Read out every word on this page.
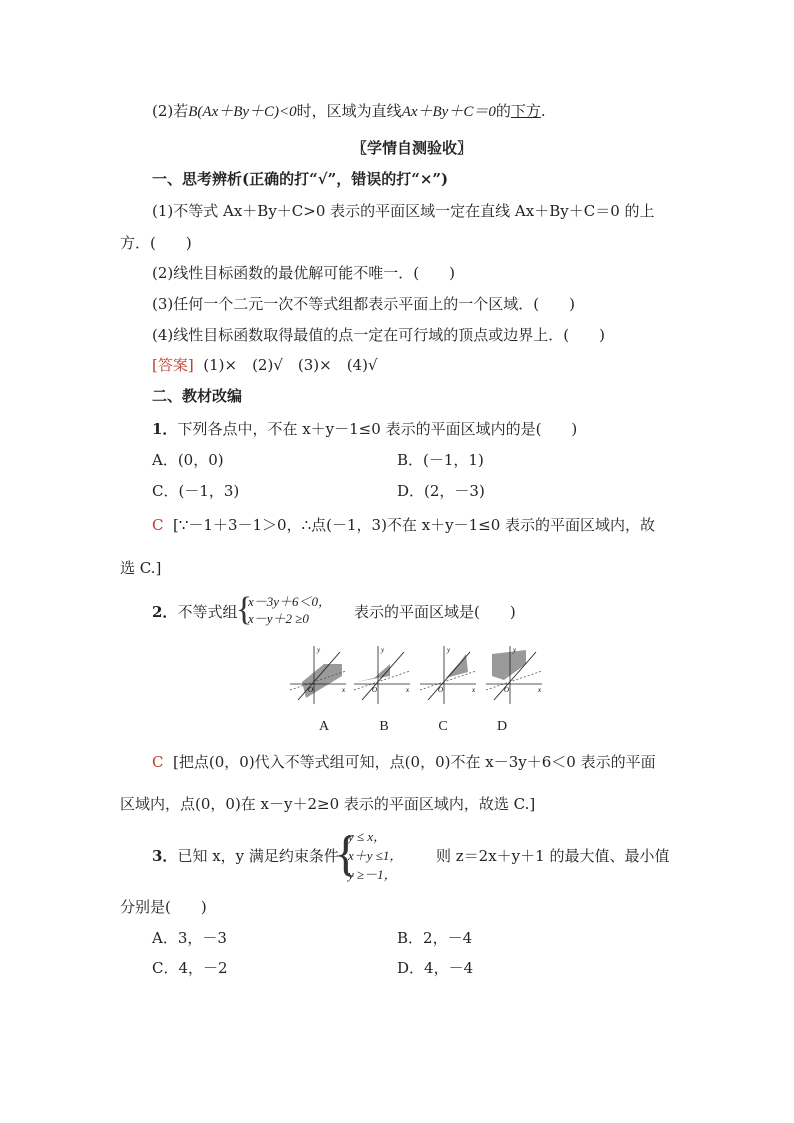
(2)若B(Ax＋By＋C)<0时，区域为直线Ax＋By＋C＝0的下方.
〖学情自测验收〗
一、思考辨析(正确的打“√”，错误的打“×”)
(1)不等式 Ax＋By＋C>0 表示的平面区域一定在直线 Ax＋By＋C＝0 的上
方．(　　)
(2)线性目标函数的最优解可能不唯一．(　　)
(3)任何一个二元一次不等式组都表示平面上的一个区域．(　　)
(4)线性目标函数取得最值的点一定在可行域的顶点或边界上．(　　)
[答案] (1)×　(2)√　(3)×　(4)√
二、教材改编
1．下列各点中，不在 x＋y－1≤0 表示的平面区域内的是(　　)
A．(0，0)	B．(－1，1)
C．(－1，3)	D．(2，－3)
C [∵－1＋3－1＞0，∴点(－1，3)不在 x＋y－1≤0 表示的平面区域内，故
选 C.]
2．不等式组
{
x－3y＋6＜0，
x－y＋2 ≥0	表示的平面区域是(　　)
y
x
O
y
x
O
y
x
O
y
x
O
A	B	C	D
C [把点(0，0)代入不等式组可知，点(0，0)不在 x－3y＋6＜0 表示的平面
区域内，点(0，0)在 x－y＋2≥0 表示的平面区域内，故选 C.]
3．已知 x，y 满足约束条件
{
y ≤ x，
x＋y ≤1，
y ≥－1，
则 z＝2x＋y＋1 的最大值、最小值
分别是(　　)
A．3，－3	B．2，－4
C．4，－2	D．4，－4
